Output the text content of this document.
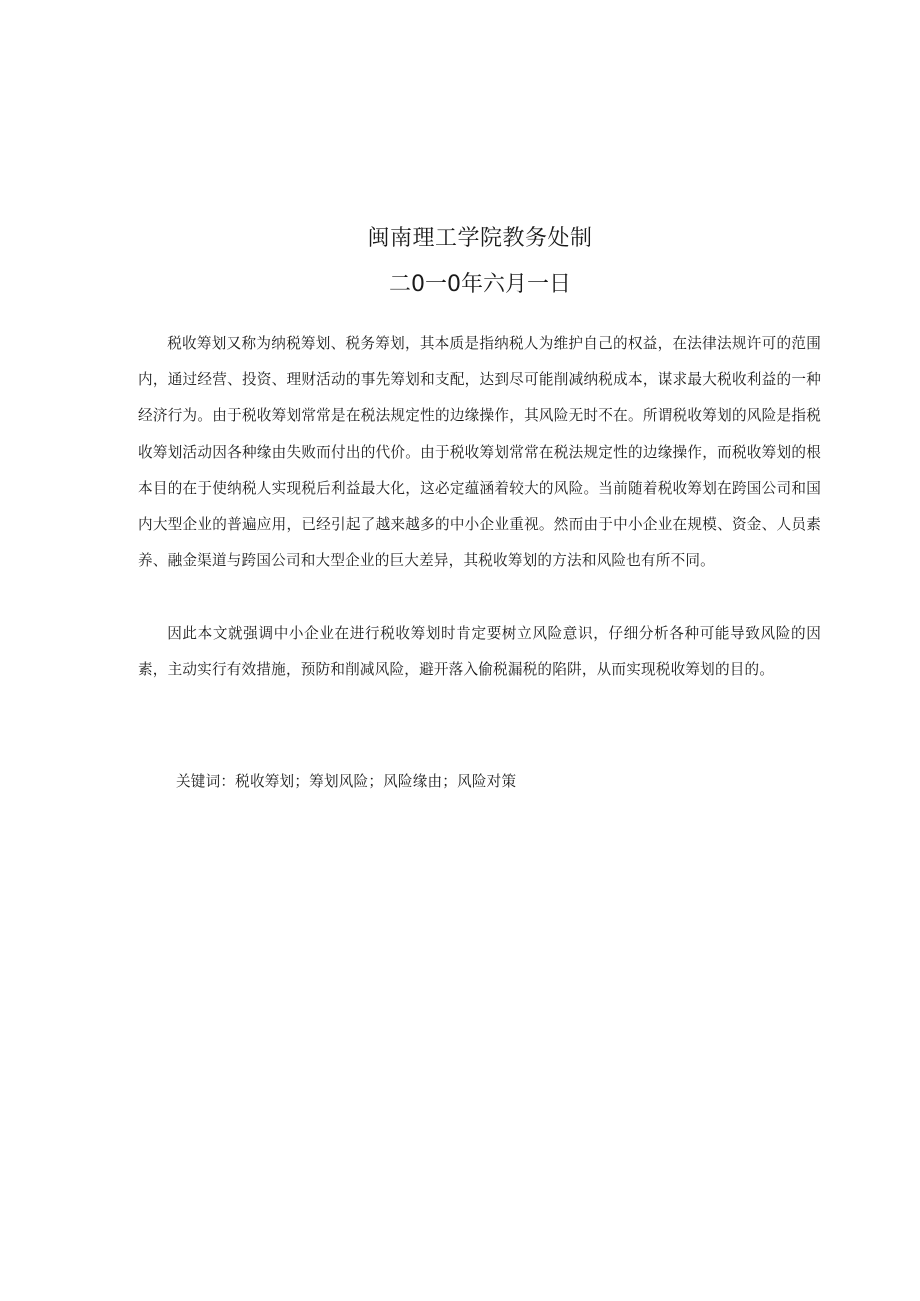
闽南理工学院教务处制
二0一0年六月一日

税收筹划又称为纳税筹划、税务筹划，其本质是指纳税人为维护自己的权益，在法律法规许可的范围内，通过经营、投资、理财活动的事先筹划和支配，达到尽可能削减纳税成本，谋求最大税收利益的一种经济行为。由于税收筹划常常是在税法规定性的边缘操作，其风险无时不在。所谓税收筹划的风险是指税收筹划活动因各种缘由失败而付出的代价。由于税收筹划常常在税法规定性的边缘操作，而税收筹划的根本目的在于使纳税人实现税后利益最大化，这必定蕴涵着较大的风险。当前随着税收筹划在跨国公司和国内大型企业的普遍应用，已经引起了越来越多的中小企业重视。然而由于中小企业在规模、资金、人员素养、融金渠道与跨国公司和大型企业的巨大差异，其税收筹划的方法和风险也有所不同。

因此本文就强调中小企业在进行税收筹划时肯定要树立风险意识，仔细分析各种可能导致风险的因素，主动实行有效措施，预防和削减风险，避开落入偷税漏税的陷阱，从而实现税收筹划的目的。

关键词：税收筹划；筹划风险；风险缘由；风险对策
